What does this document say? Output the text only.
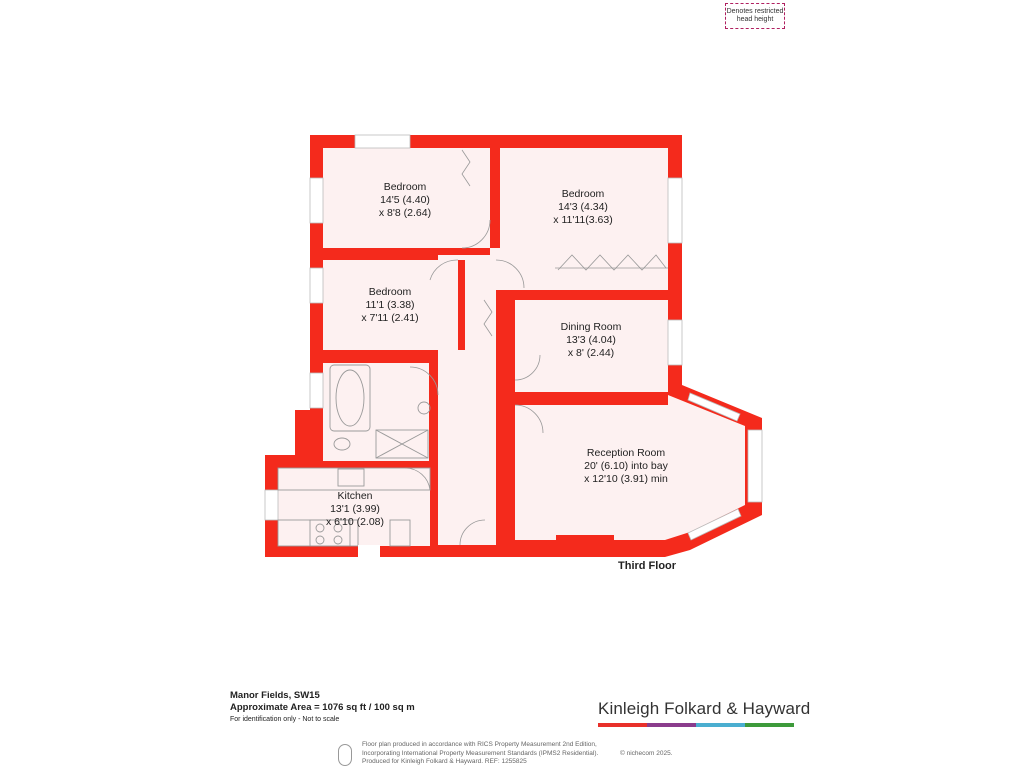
Bedroom
14'5 (4.40)
x 8'8 (2.64)
Bedroom
14'3 (4.34)
x 11'11(3.63)
Bedroom
11'1 (3.38)
x 7'11 (2.41)
Dining Room
13'3 (4.04)
x 8' (2.44)
Reception Room
20' (6.10) into bay
x 12'10 (3.91) min
Kitchen
13'1 (3.99)
x 6'10 (2.08)
Denotes restricted head height
Third Floor
Manor Fields, SW15
Approximate Area = 1076 sq ft / 100 sq m
For identification only - Not to scale
Kinleigh Folkard & Hayward
Floor plan produced in accordance with RICS Property Measurement 2nd Edition,
Incorporating International Property Measurement Standards (IPMS2 Residential).
Produced for Kinleigh Folkard & Hayward. REF: 1255825
© nichecom 2025.
